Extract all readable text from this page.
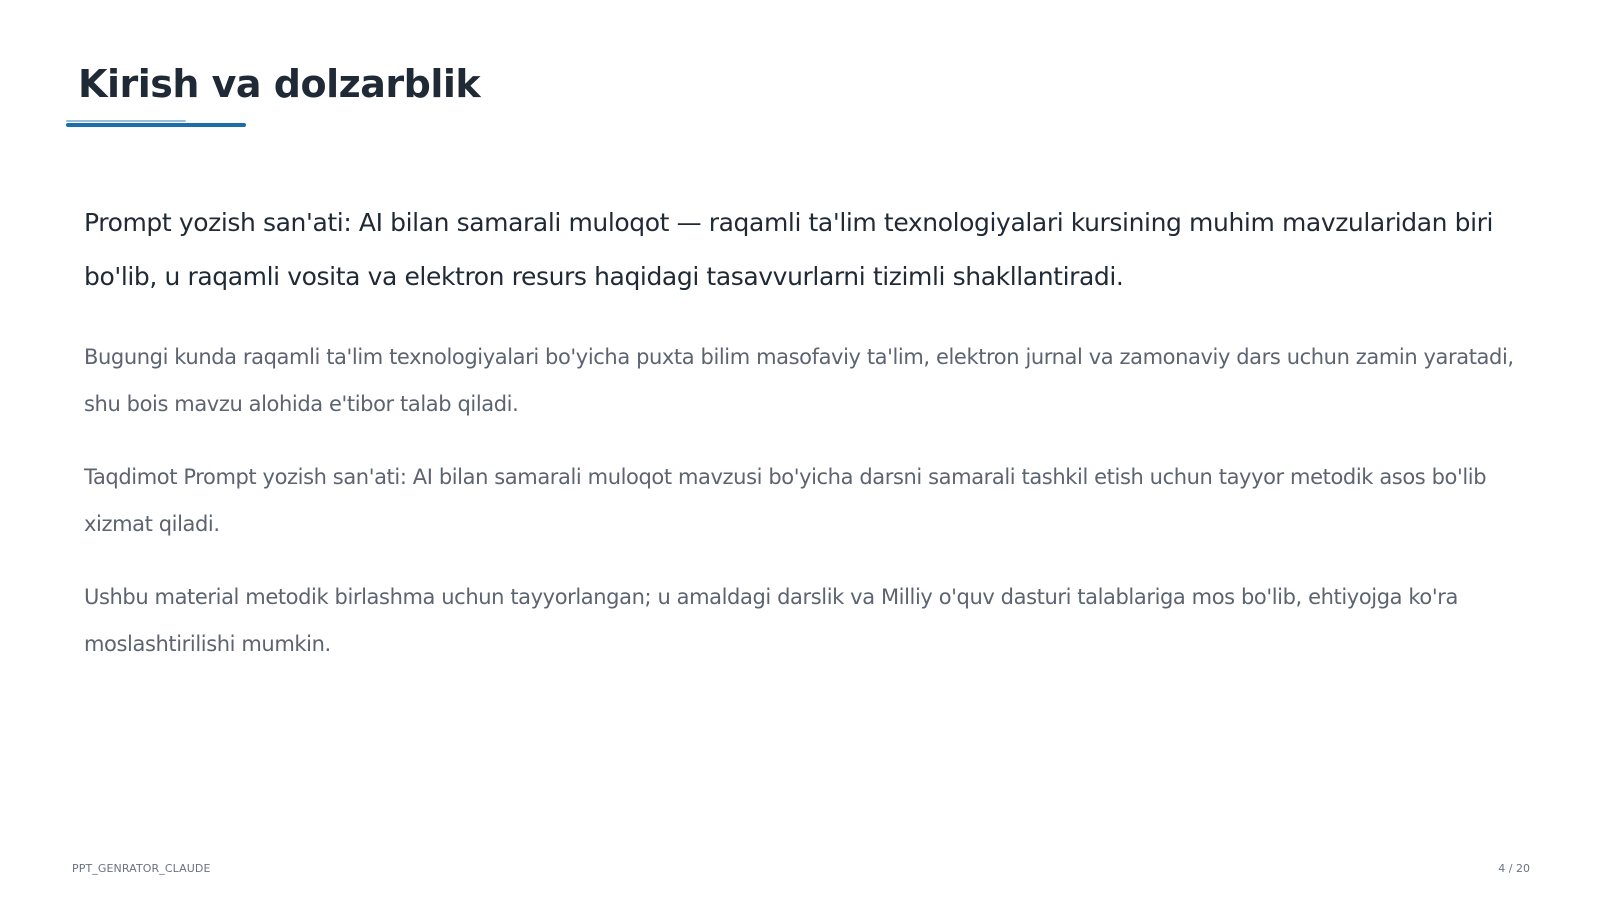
Kirish va dolzarblik

Prompt yozish san'ati: AI bilan samarali muloqot — raqamli ta'lim texnologiyalari kursining muhim mavzularidan biri bo'lib, u raqamli vosita va elektron resurs haqidagi tasavvurlarni tizimli shakllantiradi.

Bugungi kunda raqamli ta'lim texnologiyalari bo'yicha puxta bilim masofaviy ta'lim, elektron jurnal va zamonaviy dars uchun zamin yaratadi, shu bois mavzu alohida e'tibor talab qiladi.

Taqdimot Prompt yozish san'ati: AI bilan samarali muloqot mavzusi bo'yicha darsni samarali tashkil etish uchun tayyor metodik asos bo'lib xizmat qiladi.

Ushbu material metodik birlashma uchun tayyorlangan; u amaldagi darslik va Milliy o'quv dasturi talablariga mos bo'lib, ehtiyojga ko'ra moslashtirilishi mumkin.

PPT_GENRATOR_CLAUDE	4 / 20
